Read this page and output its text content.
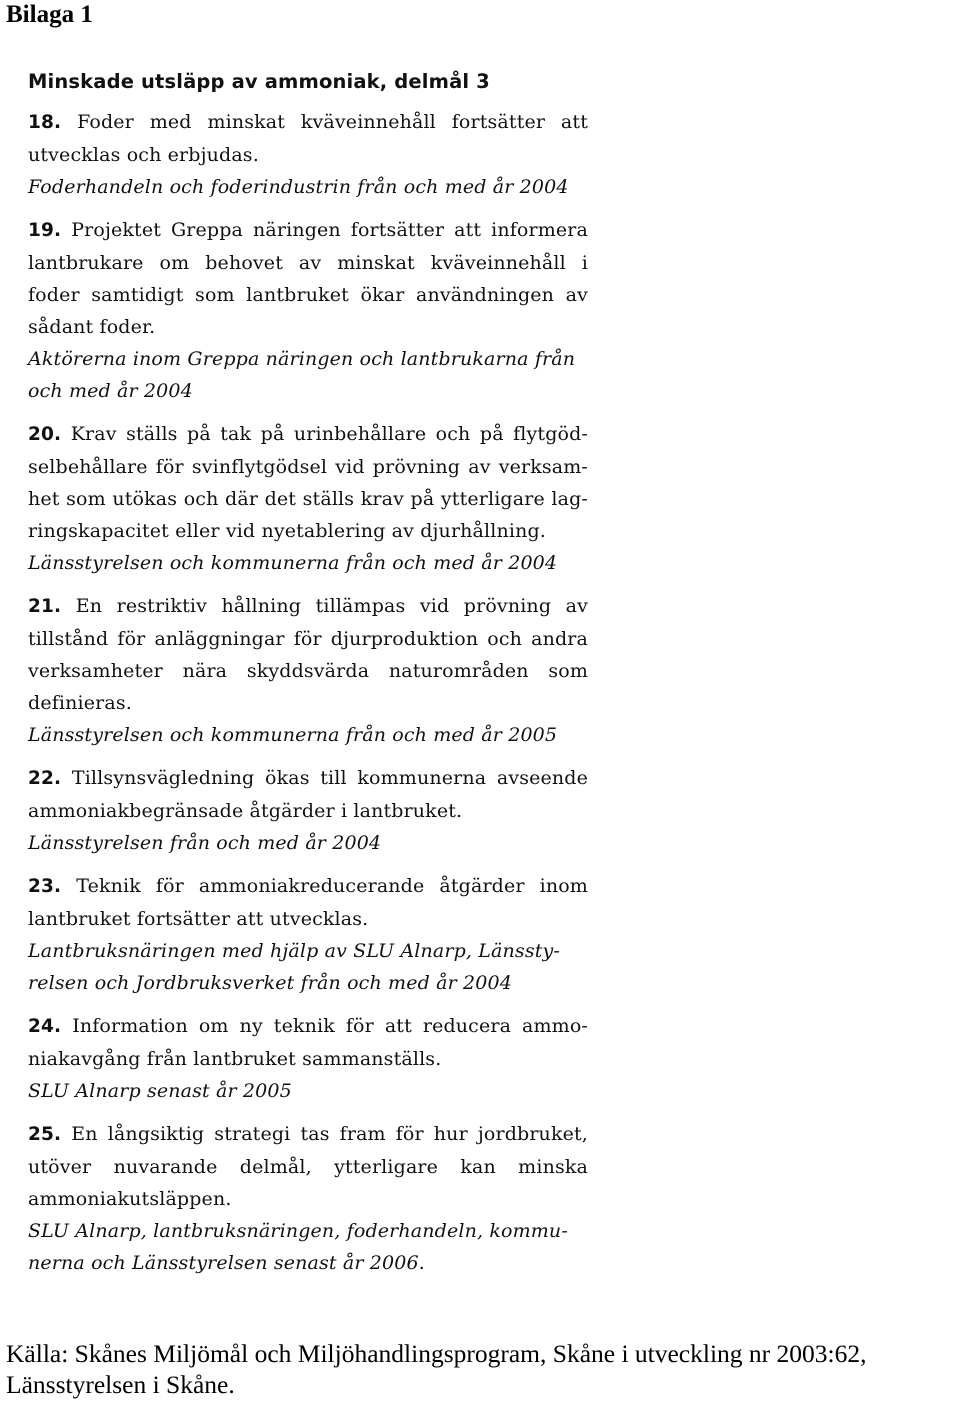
Bilaga 1
Minskade utsläpp av ammoniak, delmål 3
18. Foder med minskat kväveinnehåll fortsätter att
utvecklas och erbjudas.
Foderhandeln och foderindustrin från och med år 2004
19. Projektet Greppa näringen fortsätter att informera
lantbrukare om behovet av minskat kväveinnehåll i
foder samtidigt som lantbruket ökar användningen av
sådant foder.
Aktörerna inom Greppa näringen och lantbrukarna från
och med år 2004
20. Krav ställs på tak på urinbehållare och på flytgöd-
selbehållare för svinflytgödsel vid prövning av verksam-
het som utökas och där det ställs krav på ytterligare lag-
ringskapacitet eller vid nyetablering av djurhållning.
Länsstyrelsen och kommunerna från och med år 2004
21. En restriktiv hållning tillämpas vid prövning av
tillstånd för anläggningar för djurproduktion och andra
verksamheter nära skyddsvärda naturområden som
definieras.
Länsstyrelsen och kommunerna från och med år 2005
22. Tillsynsvägledning ökas till kommunerna avseende
ammoniakbegränsade åtgärder i lantbruket.
Länsstyrelsen från och med år 2004
23. Teknik för ammoniakreducerande åtgärder inom
lantbruket fortsätter att utvecklas.
Lantbruksnäringen med hjälp av SLU Alnarp, Länssty-
relsen och Jordbruksverket från och med år 2004
24. Information om ny teknik för att reducera ammo-
niakavgång från lantbruket sammanställs.
SLU Alnarp senast år 2005
25. En långsiktig strategi tas fram för hur jordbruket,
utöver nuvarande delmål, ytterligare kan minska
ammoniakutsläppen.
SLU Alnarp, lantbruksnäringen, foderhandeln, kommu-
nerna och Länsstyrelsen senast år 2006.
Källa: Skånes Miljömål och Miljöhandlingsprogram, Skåne i utveckling nr 2003:62,
Länsstyrelsen i Skåne.
